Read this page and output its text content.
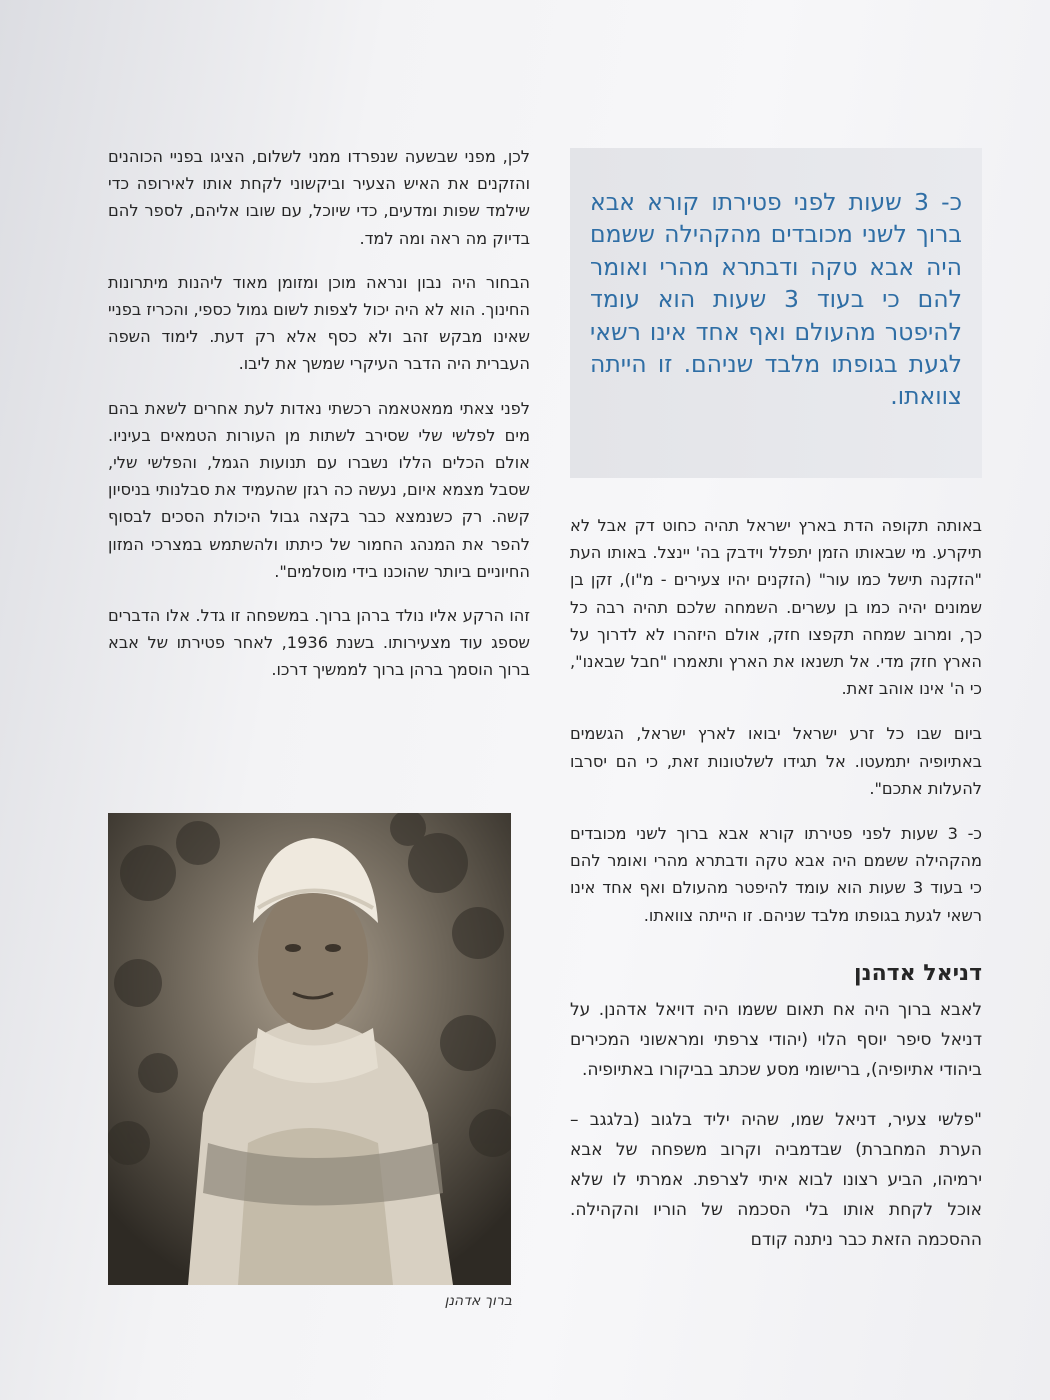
כ- 3 שעות לפני פטירתו קורא אבא ברוך לשני מכובדים מהקהילה ששמם היה אבא טקה ודבתרא מהרי ואומר להם כי בעוד 3 שעות הוא עומד להיפטר מהעולם ואף אחד אינו רשאי לגעת בגופתו מלבד שניהם. זו הייתה צוואתו.

באותה תקופה הדת בארץ ישראל תהיה כחוט דק אבל לא תיקרע. מי שבאותו הזמן יתפלל וידבק בה' יינצל. באותו העת "הזקנה תישל כמו עור" (הזקנים יהיו צעירים - מ"ו), זקן בן שמונים יהיה כמו בן עשרים. השמחה שלכם תהיה רבה כל כך, ומרוב שמחה תקפצו חזק, אולם היזהרו לא לדרוך על הארץ חזק מדי. אל תשנאו את הארץ ותאמרו "חבל שבאנו", כי ה' אינו אוהב זאת.

ביום שבו כל זרע ישראל יבואו לארץ ישראל, הגשמים באתיופיה יתמעטו. אל תגידו לשלטונות זאת, כי הם יסרבו להעלות אתכם".

כ- 3 שעות לפני פטירתו קורא אבא ברוך לשני מכובדים מהקהילה ששמם היה אבא טקה ודבתרא מהרי ואומר להם כי בעוד 3 שעות הוא עומד להיפטר מהעולם ואף אחד אינו רשאי לגעת בגופתו מלבד שניהם. זו הייתה צוואתו.

דניאל אדהנן

לאבא ברוך היה אח תאום ששמו היה דויאל אדהנן. על דניאל סיפר יוסף הלוי (יהודי צרפתי ומראשוני המכירים ביהודי אתיופיה), ברישומי מסע שכתב בביקורו באתיופיה.

"פלשי צעיר, דניאל שמו, שהיה יליד בלגוב (בלגגב – הערת המחברת) שבדמביה וקרוב משפחה של אבא ירמיהו, הביע רצונו לבוא איתי לצרפת. אמרתי לו שלא אוכל לקחת אותו בלי הסכמה של הוריו והקהילה. ההסכמה הזאת כבר ניתנה קודם

לכן, מפני שבשעה שנפרדו ממני לשלום, הציגו בפניי הכוהנים והזקנים את האיש הצעיר וביקשוני לקחת אותו לאירופה כדי שילמד שפות ומדעים, כדי שיוכל, עם שובו אליהם, לספר להם בדיוק מה ראה ומה למד.

הבחור היה נבון ונראה מוכן ומזומן מאוד ליהנות מיתרונות החינוך. הוא לא היה יכול לצפות לשום גמול כספי, והכריז בפניי שאינו מבקש זהב ולא כסף אלא רק דעת. לימוד השפה העברית היה הדבר העיקרי שמשך את ליבו.

לפני צאתי ממאטאמה רכשתי נאדות לעת אחרים לשאת בהם מים לפלשי שלי שסירב לשתות מן העורות הטמאים בעיניו. אולם הכלים הללו נשברו עם תנועות הגמל, והפלשי שלי, שסבל מצמא איום, נעשה כה רגזן שהעמיד את סבלנותי בניסיון קשה. רק כשנמצא כבר בקצה גבול היכולת הסכים לבסוף להפר את המנהג החמור של כיתתו ולהשתמש במצרכי המזון החיוניים ביותר שהוכנו בידי מוסלמים".

זהו הרקע אליו נולד ברהן ברוך. במשפחה זו גדל. אלו הדברים שספג עוד מצעירותו. בשנת 1936, לאחר פטירתו של אבא ברוך הוסמך ברהן ברוך לממשיך דרכו.

ברוך אדהנן
